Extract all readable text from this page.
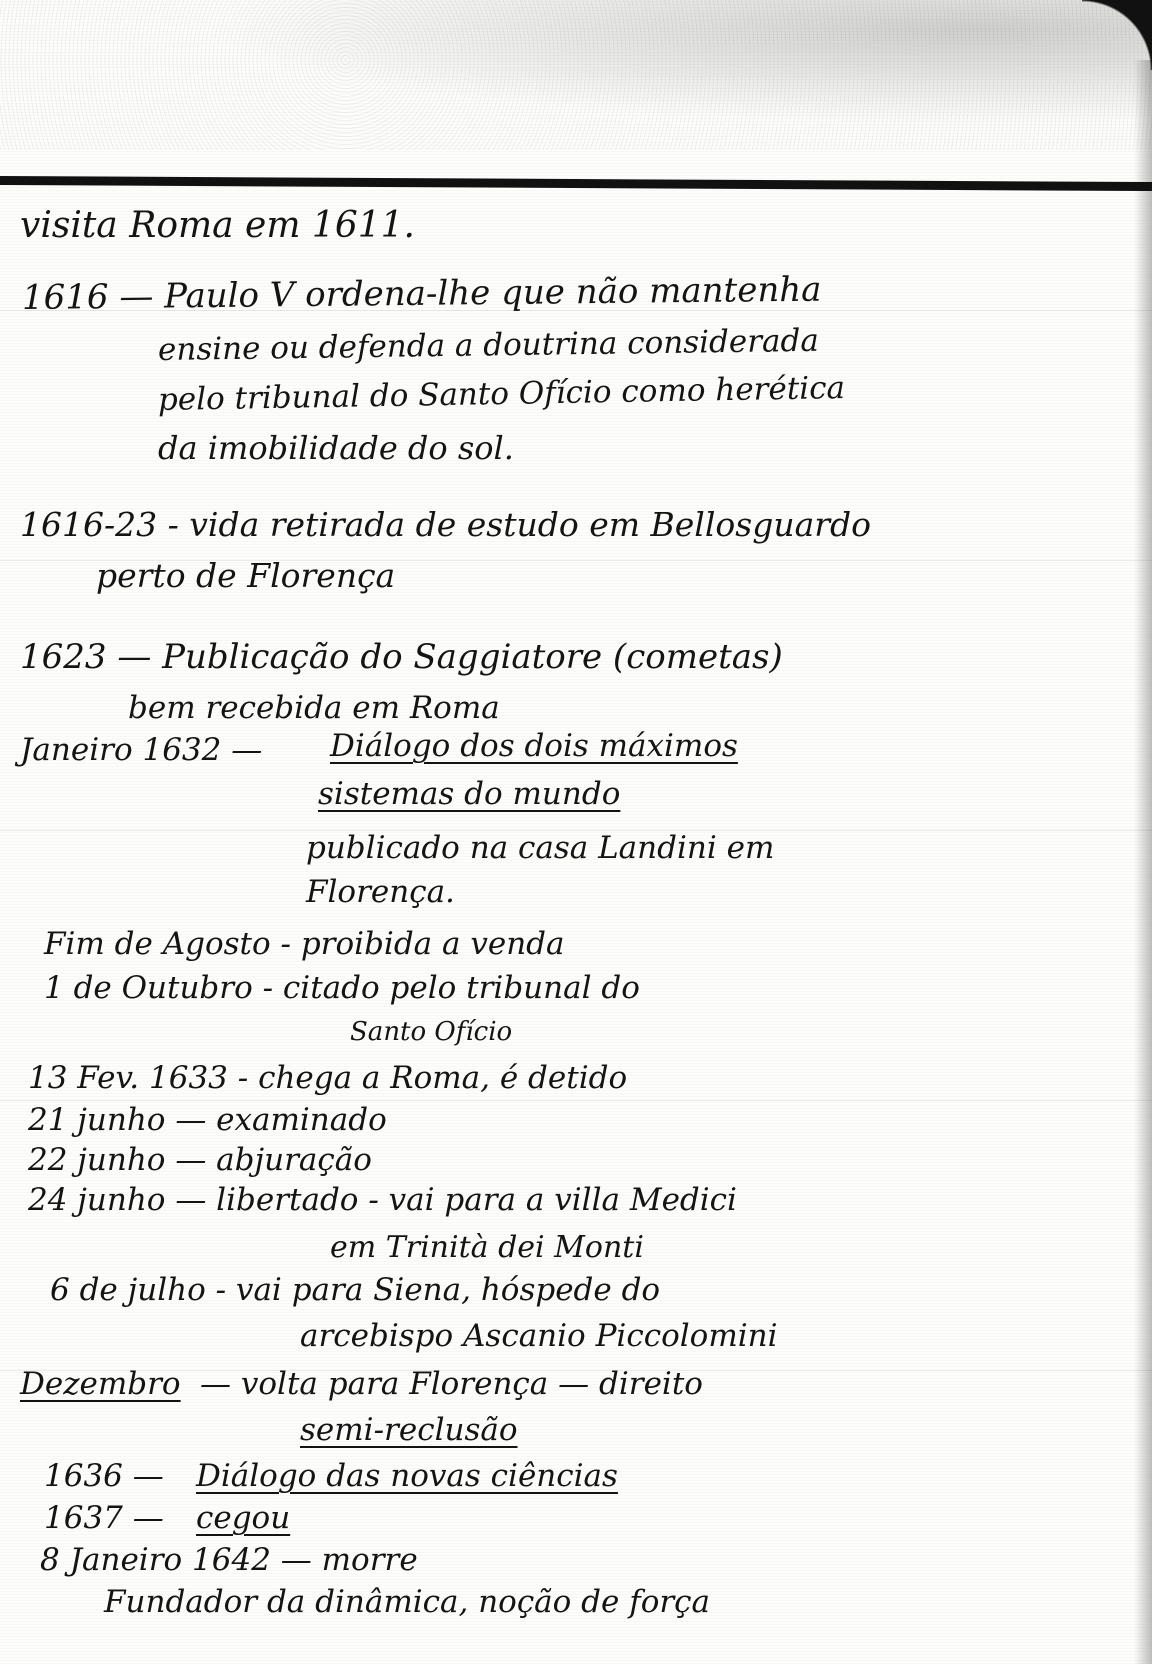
visita Roma em 1611.
1616 — Paulo V ordena-lhe que não mantenha
ensine ou defenda a doutrina considerada
pelo tribunal do Santo Ofício como herética
da imobilidade do sol.
1616-23 - vida retirada de estudo em Bellosguardo
perto de Florença
1623 — Publicação do Saggiatore (cometas)
bem recebida em Roma
Janeiro 1632 — Diálogo dos dois máximos
sistemas do mundo
publicado na casa Landini em
Florença.
Fim de Agosto - proibida a venda
1 de Outubro - citado pelo tribunal do
Santo Ofício
13 Fev. 1633 - chega a Roma, é detido
21 junho — examinado
22 junho — abjuração
24 junho — libertado - vai para a villa Medici
em Trinità dei Monti
6 de julho - vai para Siena, hóspede do
arcebispo Ascanio Piccolomini
Dezembro — volta para Florença — direito
semi-reclusão
1636 — Diálogo das novas ciências
1637 — cegou
8 Janeiro 1642 — morre
Fundador da dinâmica, noção de força
